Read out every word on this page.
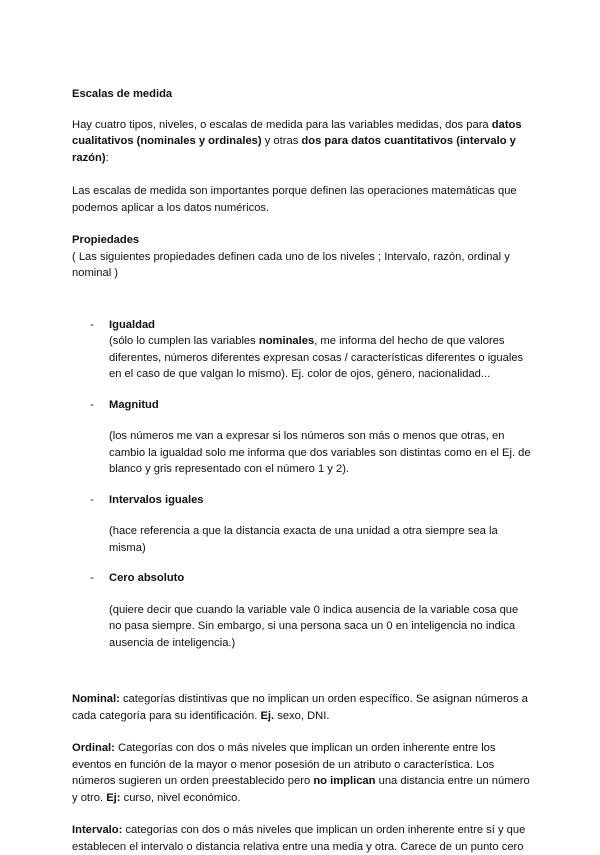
Escalas de medida

Hay cuatro tipos, niveles, o escalas de medida para las variables medidas, dos para datos cualitativos (nominales y ordinales) y otras dos para datos cuantitativos (intervalo y razón):

Las escalas de medida son importantes porque definen las operaciones matemáticas que podemos aplicar a los datos numéricos.

Propiedades

( Las siguientes propiedades definen cada uno de los niveles ; Intervalo, razón, ordinal y nominal )

- Igualdad

(sólo lo cumplen las variables nominales, me informa del hecho de que valores diferentes, números diferentes expresan cosas / características diferentes o iguales en el caso de que valgan lo mismo). Ej. color de ojos, género, nacionalidad...

- Magnitud

(los números me van a expresar si los números son más o menos que otras, en cambio la igualdad solo me informa que dos variables son distintas como en el Ej. de blanco y gris representado con el número 1 y 2).

- Intervalos iguales

(hace referencia a que la distancia exacta de una unidad a otra siempre sea la misma)

- Cero absoluto

(quiere decir que cuando la variable vale 0 indica ausencia de la variable cosa que no pasa siempre. Sin embargo, si una persona saca un 0 en inteligencia no indica ausencia de inteligencia.)

Nominal: categorías distintivas que no implican un orden específico. Se asignan números a cada categoría para su identificación. Ej. sexo, DNI.

Ordinal: Categorías con dos o más niveles que implican un orden inherente entre los eventos en función de la mayor o menor posesión de un atributo o característica. Los números sugieren un orden preestablecido pero no implican una distancia entre un número y otro. Ej: curso, nivel económico.

Intervalo: categorías con dos o más niveles que implican un orden inherente entre sí y que establecen el intervalo o distancia relativa entre una media y otra. Carece de un punto cero
